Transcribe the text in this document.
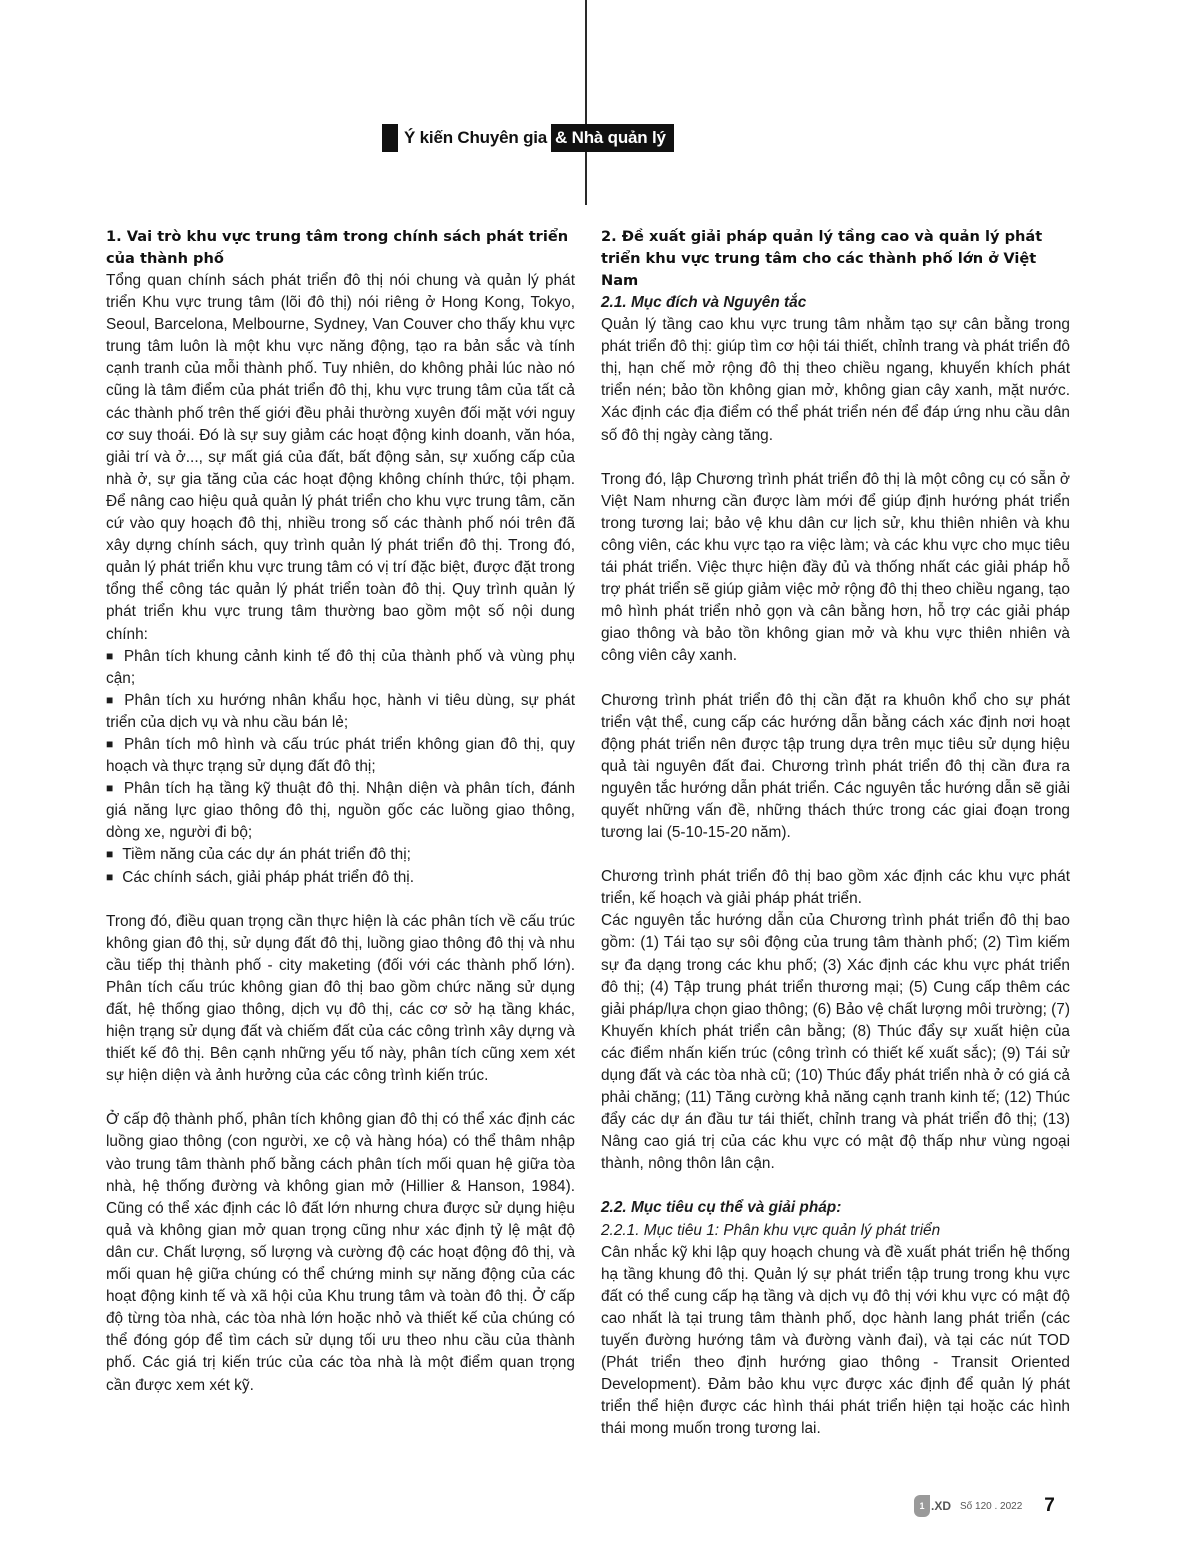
Ý kiến Chuyên gia & Nhà quản lý

1. Vai trò khu vực trung tâm trong chính sách phát triển của thành phố

Tổng quan chính sách phát triển đô thị nói chung và quản lý phát triển Khu vực trung tâm (lõi đô thị) nói riêng ở Hong Kong, Tokyo, Seoul, Barcelona, Melbourne, Sydney, Van Couver cho thấy khu vực trung tâm luôn là một khu vực năng động, tạo ra bản sắc và tính cạnh tranh của mỗi thành phố. Tuy nhiên, do không phải lúc nào nó cũng là tâm điểm của phát triển đô thị, khu vực trung tâm của tất cả các thành phố trên thế giới đều phải thường xuyên đối mặt với nguy cơ suy thoái. Đó là sự suy giảm các hoạt động kinh doanh, văn hóa, giải trí và ở..., sự mất giá của đất, bất động sản, sự xuống cấp của nhà ở, sự gia tăng của các hoạt động không chính thức, tội phạm. Để nâng cao hiệu quả quản lý phát triển cho khu vực trung tâm, căn cứ vào quy hoạch đô thị, nhiều trong số các thành phố nói trên đã xây dựng chính sách, quy trình quản lý phát triển đô thị. Trong đó, quản lý phát triển khu vực trung tâm có vị trí đặc biệt, được đặt trong tổng thể công tác quản lý phát triển toàn đô thị. Quy trình quản lý phát triển khu vực trung tâm thường bao gồm một số nội dung chính:

■ Phân tích khung cảnh kinh tế đô thị của thành phố và vùng phụ cận;
■ Phân tích xu hướng nhân khẩu học, hành vi tiêu dùng, sự phát triển của dịch vụ và nhu cầu bán lẻ;
■ Phân tích mô hình và cấu trúc phát triển không gian đô thị, quy hoạch và thực trạng sử dụng đất đô thị;
■ Phân tích hạ tầng kỹ thuật đô thị. Nhận diện và phân tích, đánh giá năng lực giao thông đô thị, nguồn gốc các luồng giao thông, dòng xe, người đi bộ;
■ Tiềm năng của các dự án phát triển đô thị;
■ Các chính sách, giải pháp phát triển đô thị.

Trong đó, điều quan trọng cần thực hiện là các phân tích về cấu trúc không gian đô thị, sử dụng đất đô thị, luồng giao thông đô thị và nhu cầu tiếp thị thành phố - city maketing (đối với các thành phố lớn). Phân tích cấu trúc không gian đô thị bao gồm chức năng sử dụng đất, hệ thống giao thông, dịch vụ đô thị, các cơ sở hạ tầng khác, hiện trạng sử dụng đất và chiếm đất của các công trình xây dựng và thiết kế đô thị. Bên cạnh những yếu tố này, phân tích cũng xem xét sự hiện diện và ảnh hưởng của các công trình kiến trúc.

Ở cấp độ thành phố, phân tích không gian đô thị có thể xác định các luồng giao thông (con người, xe cộ và hàng hóa) có thể thâm nhập vào trung tâm thành phố bằng cách phân tích mối quan hệ giữa tòa nhà, hệ thống đường và không gian mở (Hillier & Hanson, 1984). Cũng có thể xác định các lô đất lớn nhưng chưa được sử dụng hiệu quả và không gian mở quan trọng cũng như xác định tỷ lệ mật độ dân cư. Chất lượng, số lượng và cường độ các hoạt động đô thị, và mối quan hệ giữa chúng có thể chứng minh sự năng động của các hoạt động kinh tế và xã hội của Khu trung tâm và toàn đô thị. Ở cấp độ từng tòa nhà, các tòa nhà lớn hoặc nhỏ và thiết kế của chúng có thể đóng góp để tìm cách sử dụng tối ưu theo nhu cầu của thành phố. Các giá trị kiến trúc của các tòa nhà là một điểm quan trọng cần được xem xét kỹ.

2. Đề xuất giải pháp quản lý tầng cao và quản lý phát triển khu vực trung tâm cho các thành phố lớn ở Việt Nam

2.1. Mục đích và Nguyên tắc

Quản lý tầng cao khu vực trung tâm nhằm tạo sự cân bằng trong phát triển đô thị: giúp tìm cơ hội tái thiết, chỉnh trang và phát triển đô thị, hạn chế mở rộng đô thị theo chiều ngang, khuyến khích phát triển nén; bảo tồn không gian mở, không gian cây xanh, mặt nước. Xác định các địa điểm có thể phát triển nén để đáp ứng nhu cầu dân số đô thị ngày càng tăng.

Trong đó, lập Chương trình phát triển đô thị là một công cụ có sẵn ở Việt Nam nhưng cần được làm mới để giúp định hướng phát triển trong tương lai; bảo vệ khu dân cư lịch sử, khu thiên nhiên và khu công viên, các khu vực tạo ra việc làm; và các khu vực cho mục tiêu tái phát triển. Việc thực hiện đầy đủ và thống nhất các giải pháp hỗ trợ phát triển sẽ giúp giảm việc mở rộng đô thị theo chiều ngang, tạo mô hình phát triển nhỏ gọn và cân bằng hơn, hỗ trợ các giải pháp giao thông và bảo tồn không gian mở và khu vực thiên nhiên và công viên cây xanh.

Chương trình phát triển đô thị cần đặt ra khuôn khổ cho sự phát triển vật thể, cung cấp các hướng dẫn bằng cách xác định nơi hoạt động phát triển nên được tập trung dựa trên mục tiêu sử dụng hiệu quả tài nguyên đất đai. Chương trình phát triển đô thị cần đưa ra nguyên tắc hướng dẫn phát triển. Các nguyên tắc hướng dẫn sẽ giải quyết những vấn đề, những thách thức trong các giai đoạn trong tương lai (5-10-15-20 năm).

Chương trình phát triển đô thị bao gồm xác định các khu vực phát triển, kế hoạch và giải pháp phát triển.

Các nguyên tắc hướng dẫn của Chương trình phát triển đô thị bao gồm: (1) Tái tạo sự sôi động của trung tâm thành phố; (2) Tìm kiếm sự đa dạng trong các khu phố; (3) Xác định các khu vực phát triển đô thị; (4) Tập trung phát triển thương mại; (5) Cung cấp thêm các giải pháp/lựa chọn giao thông; (6) Bảo vệ chất lượng môi trường; (7) Khuyến khích phát triển cân bằng; (8) Thúc đẩy sự xuất hiện của các điểm nhấn kiến trúc (công trình có thiết kế xuất sắc); (9) Tái sử dụng đất và các tòa nhà cũ; (10) Thúc đẩy phát triển nhà ở có giá cả phải chăng; (11) Tăng cường khả năng cạnh tranh kinh tế; (12) Thúc đẩy các dự án đầu tư tái thiết, chỉnh trang và phát triển đô thị; (13) Nâng cao giá trị của các khu vực có mật độ thấp như vùng ngoại thành, nông thôn lân cận.

2.2. Mục tiêu cụ thể và giải pháp:

2.2.1. Mục tiêu 1: Phân khu vực quản lý phát triển

Cân nhắc kỹ khi lập quy hoạch chung và đề xuất phát triển hệ thống hạ tầng khung đô thị. Quản lý sự phát triển tập trung trong khu vực đất có thể cung cấp hạ tầng và dịch vụ đô thị với khu vực có mật độ cao nhất là tại trung tâm thành phố, dọc hành lang phát triển (các tuyến đường hướng tâm và đường vành đai), và tại các nút TOD (Phát triển theo định hướng giao thông - Transit Oriented Development). Đảm bảo khu vực được xác định để quản lý phát triển thể hiện được các hình thái phát triển hiện tại hoặc các hình thái mong muốn trong tương lai.

1 .XD Số 120 . 2022 7
